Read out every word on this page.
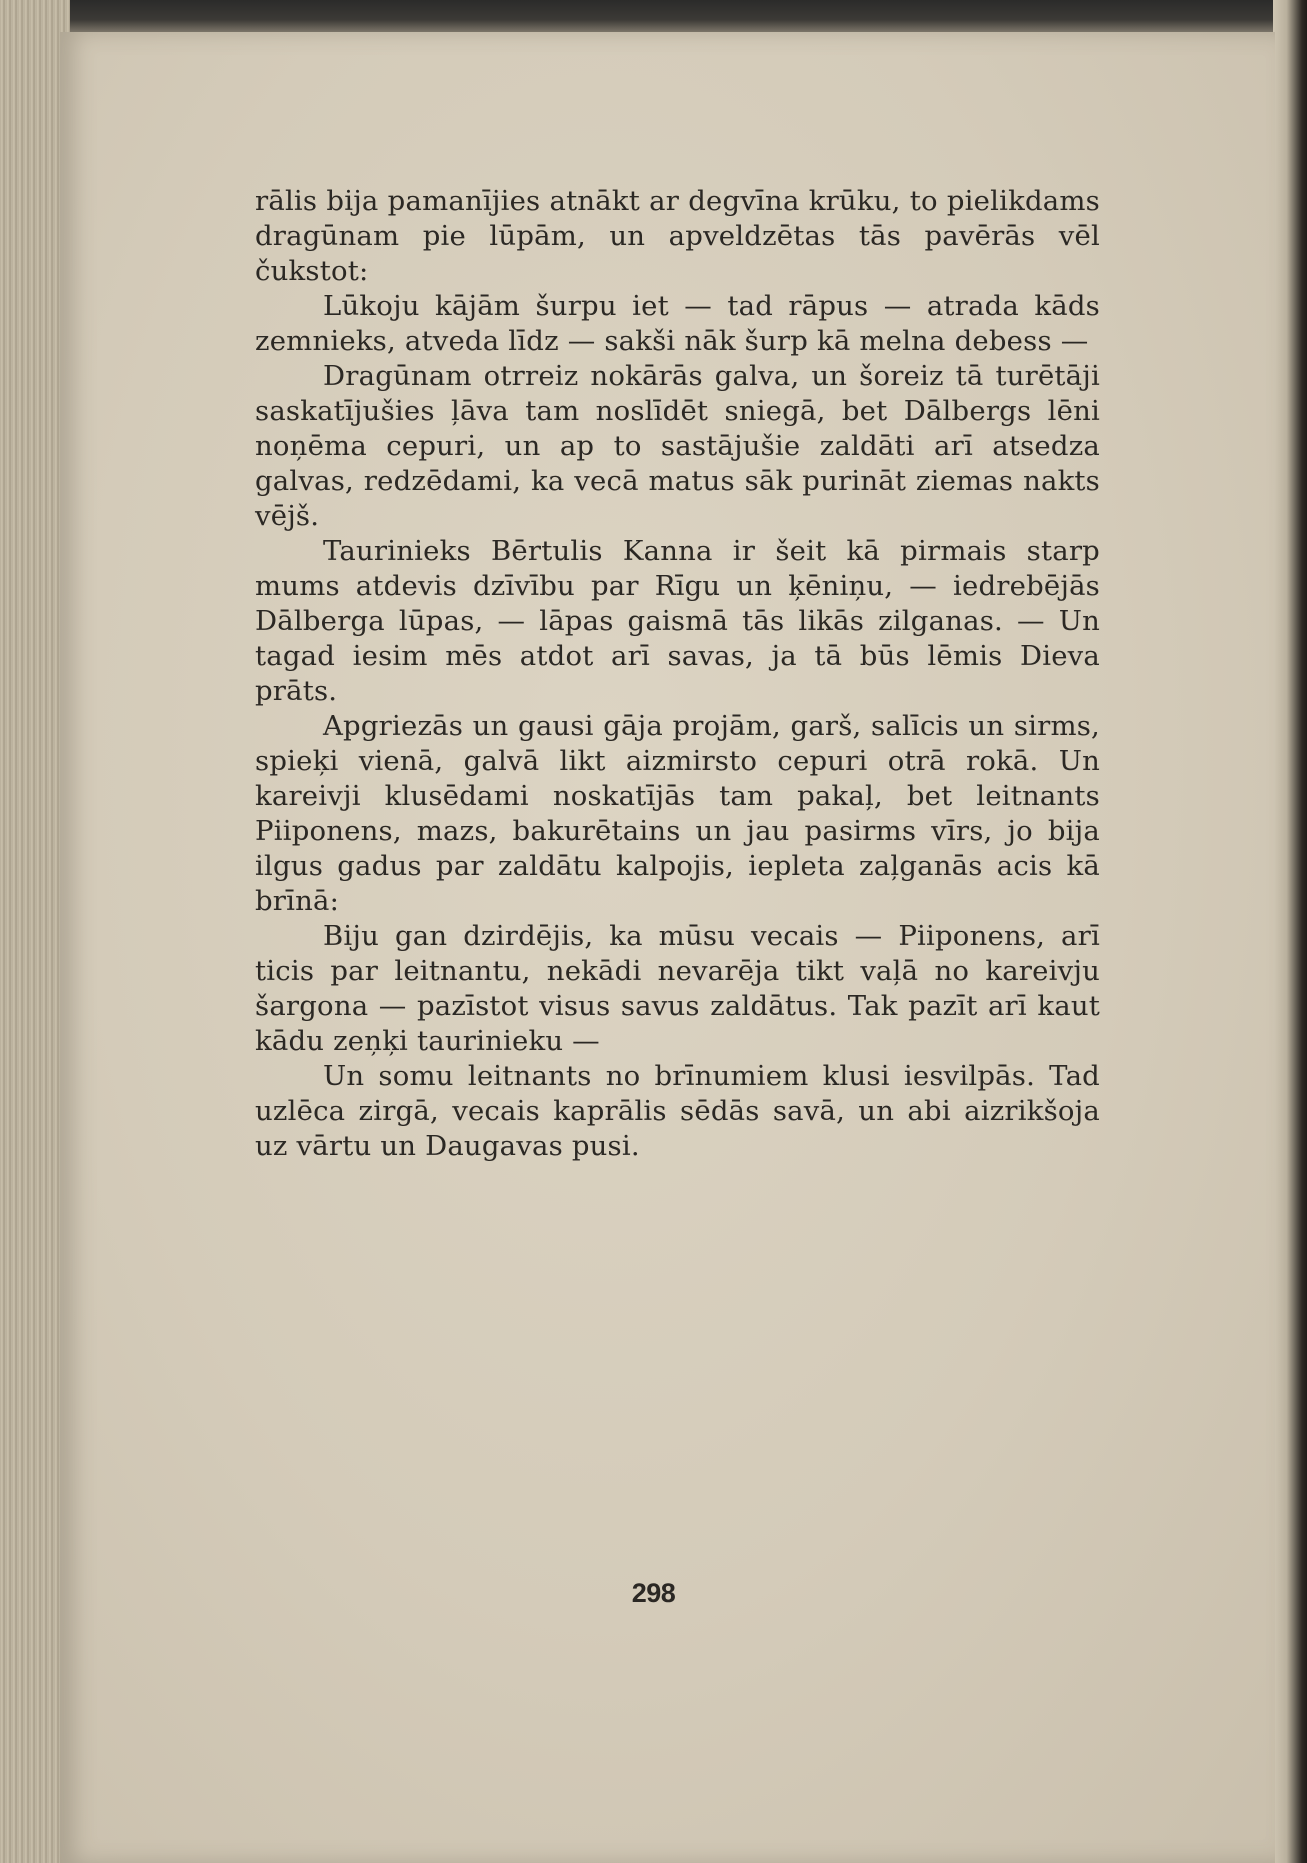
rālis bija pamanījies atnākt ar degvīna krūku, to pielikdams dragūnam pie lūpām, un apveldzētas tās pavērās vēl čukstot:

Lūkoju kājām šurpu iet — tad rāpus — atrada kāds zemnieks, atveda līdz — sakši nāk šurp kā melna debess —

Dragūnam otrreiz nokārās galva, un šoreiz tā turētāji saskatījušies ļāva tam noslīdēt sniegā, bet Dālbergs lēni noņēma cepuri, un ap to sastājušie zaldāti arī atsedza galvas, redzēdami, ka vecā matus sāk purināt ziemas nakts vējš.

Taurinieks Bērtulis Kanna ir šeit kā pirmais starp mums atdevis dzīvību par Rīgu un ķēniņu, — iedrebējās Dālberga lūpas, — lāpas gaismā tās likās zilganas. — Un tagad iesim mēs atdot arī savas, ja tā būs lēmis Dieva prāts.

Apgriezās un gausi gāja projām, garš, salīcis un sirms, spieķi vienā, galvā likt aizmirsto cepuri otrā rokā. Un kareivji klusēdami noskatījās tam pakaļ, bet leitnants Piiponens, mazs, bakurētains un jau pasirms vīrs, jo bija ilgus gadus par zaldātu kalpojis, iepleta zaļganās acis kā brīnā:

Biju gan dzirdējis, ka mūsu vecais — Piiponens, arī ticis par leitnantu, nekādi nevarēja tikt vaļā no kareivju šargona — pazīstot visus savus zaldātus. Tak pazīt arī kaut kādu zeņķi taurinieku —

Un somu leitnants no brīnumiem klusi iesvilpās. Tad uzlēca zirgā, vecais kaprālis sēdās savā, un abi aizrikšoja uz vārtu un Daugavas pusi.

298
